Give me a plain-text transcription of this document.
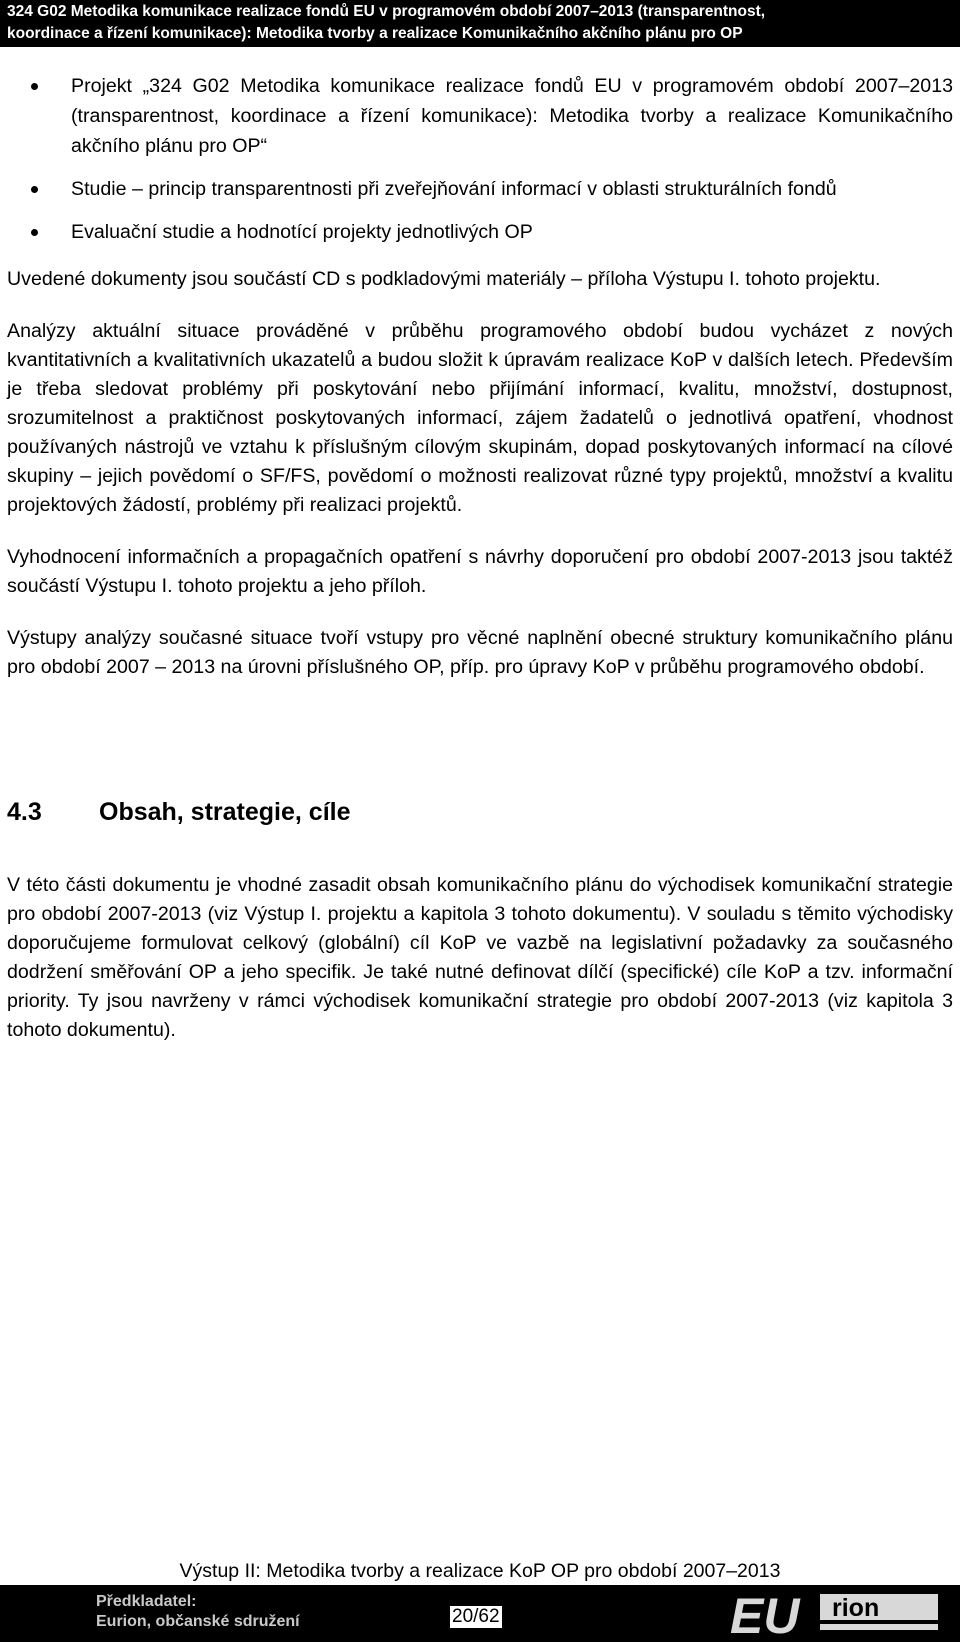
324 G02 Metodika komunikace realizace fondů EU v programovém období 2007–2013 (transparentnost,
koordinace a řízení komunikace): Metodika tvorby a realizace Komunikačního akčního plánu pro OP
Projekt „324 G02 Metodika komunikace realizace fondů EU v programovém období 2007–2013 (transparentnost, koordinace a řízení komunikace): Metodika tvorby a realizace Komunikačního akčního plánu pro OP“
Studie – princip transparentnosti při zveřejňování informací v oblasti strukturálních fondů
Evaluační studie a hodnotící projekty jednotlivých OP

Uvedené dokumenty jsou součástí CD s podkladovými materiály – příloha Výstupu I. tohoto projektu.

Analýzy aktuální situace prováděné v průběhu programového období budou vycházet z nových kvantitativních a kvalitativních ukazatelů a budou složit k úpravám realizace KoP v dalších letech. Především je třeba sledovat problémy při poskytování nebo přijímání informací, kvalitu, množství, dostupnost, srozumitelnost a praktičnost poskytovaných informací, zájem žadatelů o jednotlivá opatření, vhodnost používaných nástrojů ve vztahu k příslušným cílovým skupinám, dopad poskytovaných informací na cílové skupiny – jejich povědomí o SF/FS, povědomí o možnosti realizovat různé typy projektů, množství a kvalitu projektových žádostí, problémy při realizaci projektů.

Vyhodnocení informačních a propagačních opatření s návrhy doporučení pro období 2007-2013 jsou taktéž součástí Výstupu I. tohoto projektu a jeho příloh.

Výstupy analýzy současné situace tvoří vstupy pro věcné naplnění obecné struktury komunikačního plánu pro období 2007 – 2013 na úrovni příslušného OP, příp. pro úpravy KoP v průběhu programového období.

4.3 Obsah, strategie, cíle

V této části dokumentu je vhodné zasadit obsah komunikačního plánu do východisek komunikační strategie pro období 2007-2013 (viz Výstup I. projektu a kapitola 3 tohoto dokumentu). V souladu s těmito východisky doporučujeme formulovat celkový (globální) cíl KoP ve vazbě na legislativní požadavky za současného dodržení směřování OP a jeho specifik. Je také nutné definovat dílčí (specifické) cíle KoP a tzv. informační priority. Ty jsou navrženy v rámci východisek komunikační strategie pro období 2007-2013 (viz kapitola 3 tohoto dokumentu).

Výstup II: Metodika tvorby a realizace KoP OP pro období 2007–2013
Předkladatel:
Eurion, občanské sdružení	20/62	EU rion
